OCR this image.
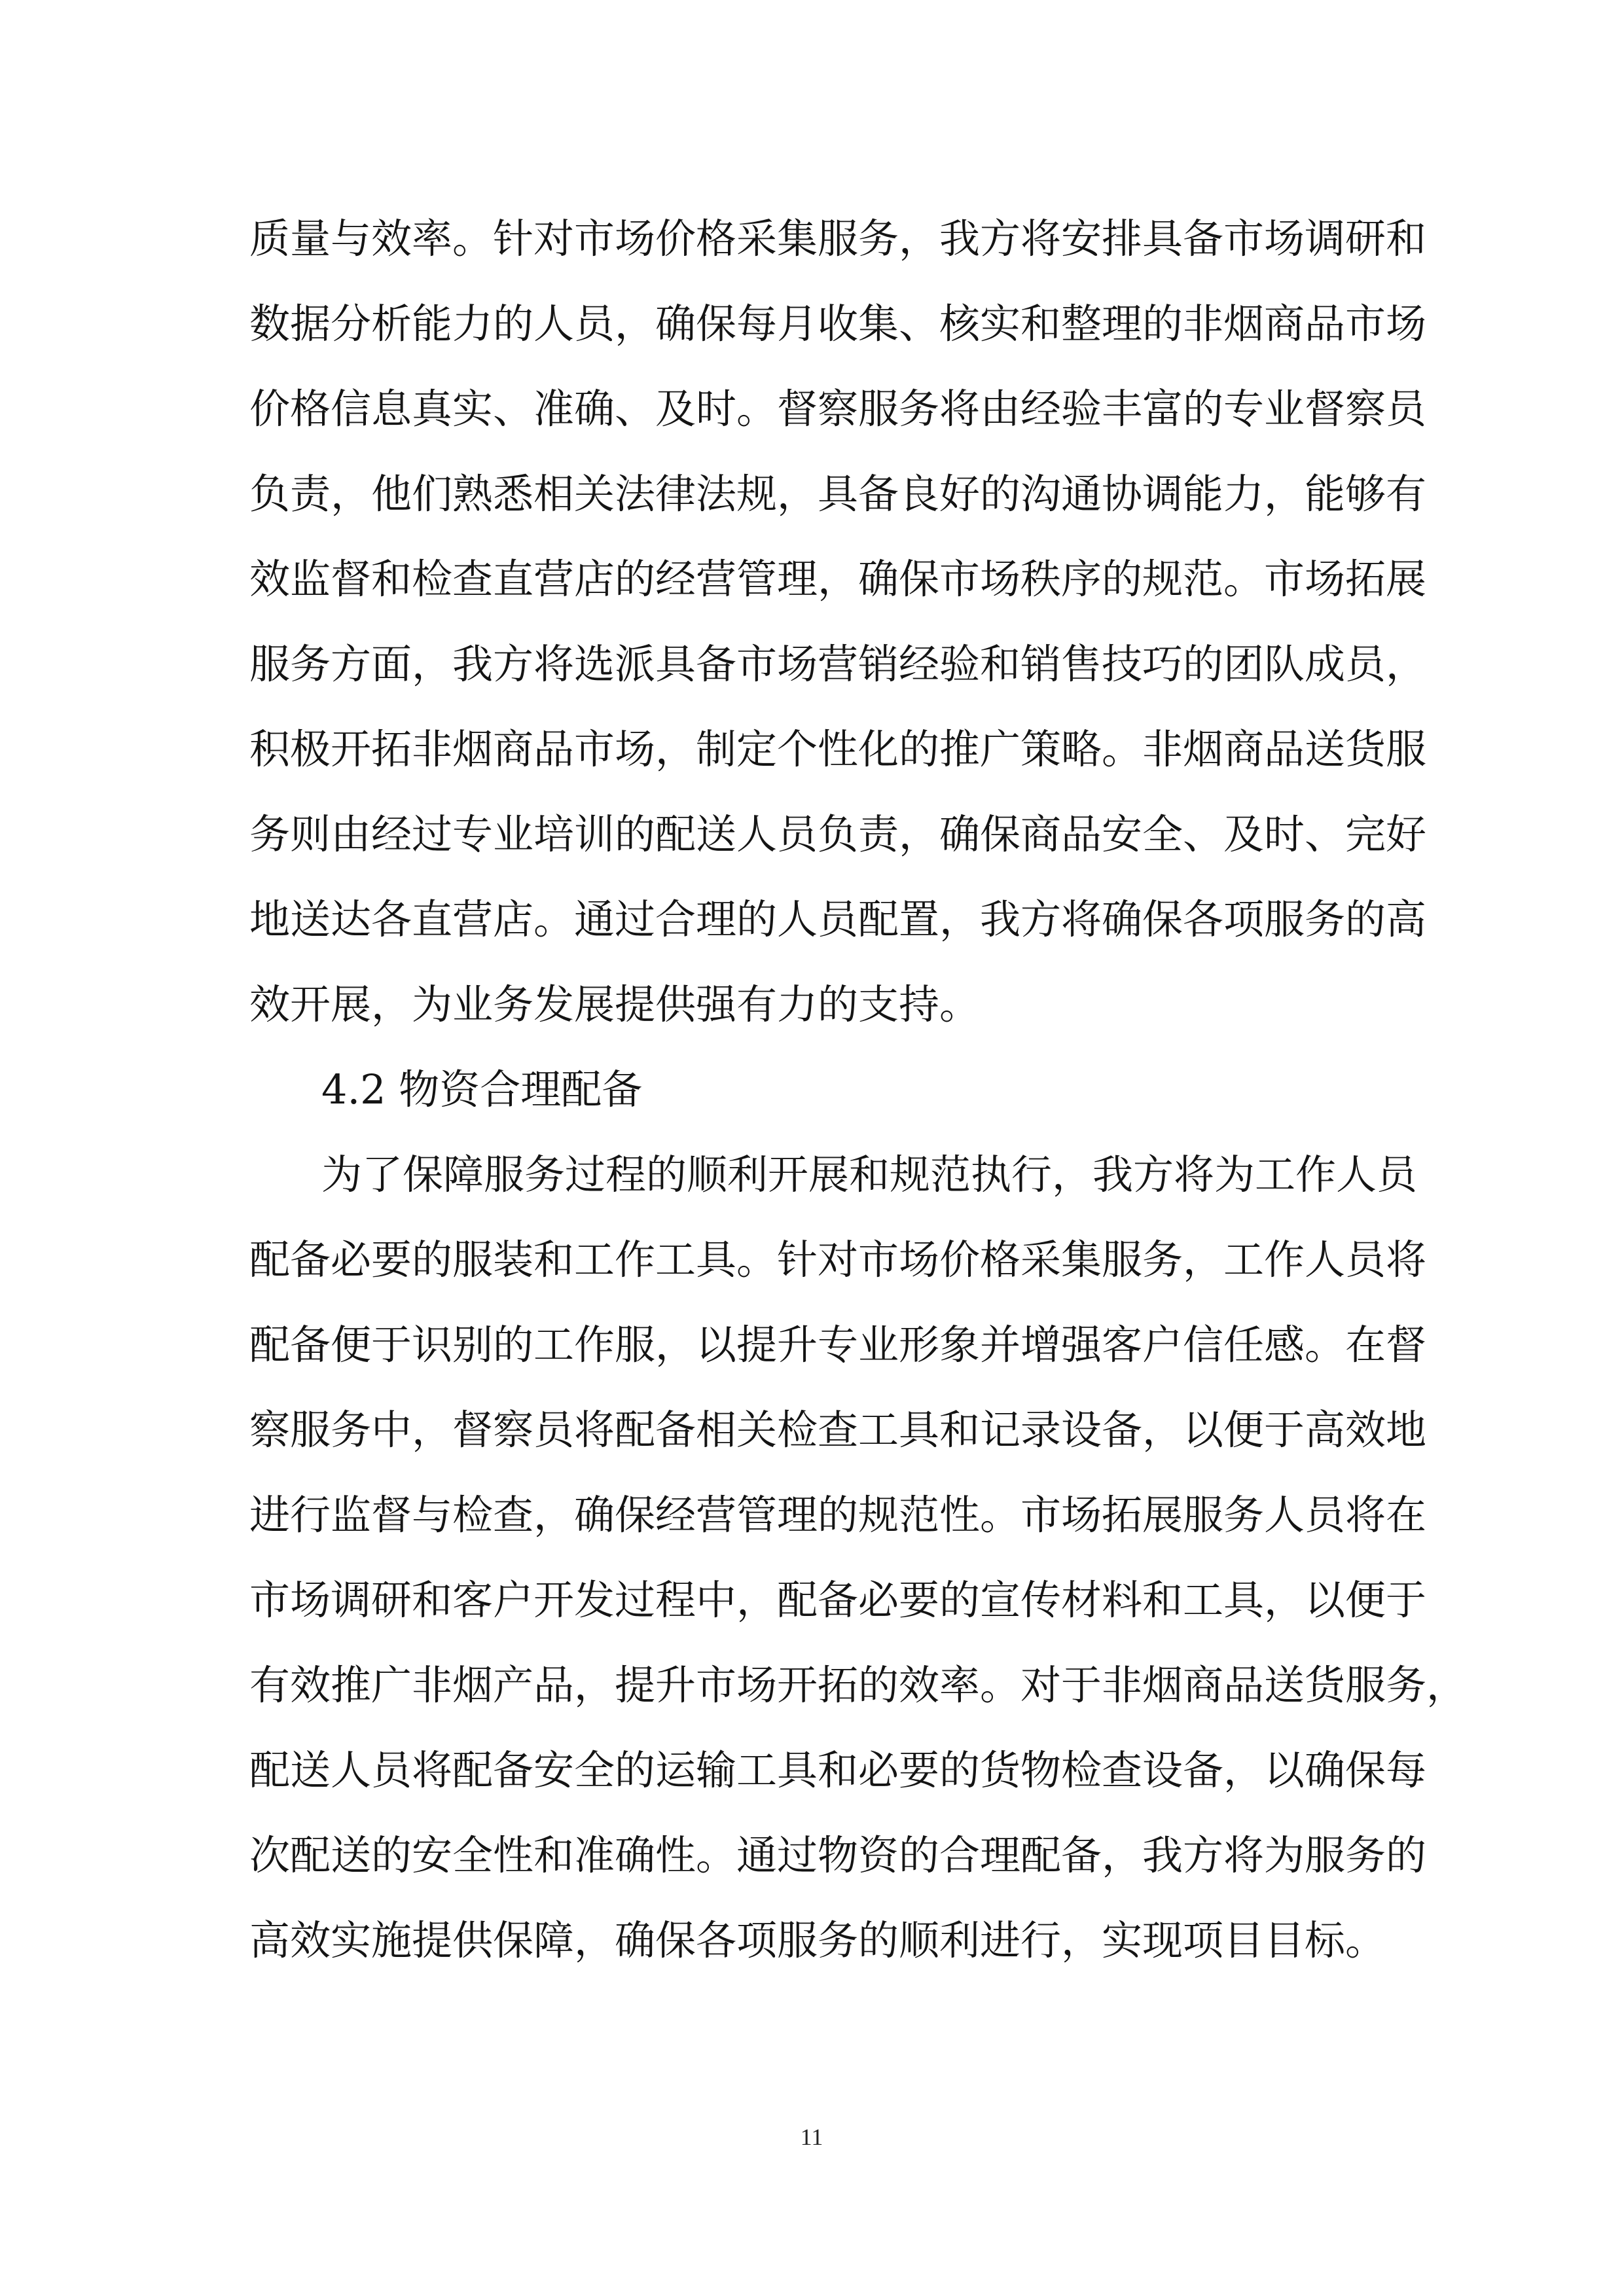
质量与效率。针对市场价格采集服务，我方将安排具备市场调研和

数据分析能力的人员，确保每月收集、核实和整理的非烟商品市场

价格信息真实、准确、及时。督察服务将由经验丰富的专业督察员

负责，他们熟悉相关法律法规，具备良好的沟通协调能力，能够有

效监督和检查直营店的经营管理，确保市场秩序的规范。市场拓展

服务方面，我方将选派具备市场营销经验和销售技巧的团队成员，

积极开拓非烟商品市场，制定个性化的推广策略。非烟商品送货服

务则由经过专业培训的配送人员负责，确保商品安全、及时、完好

地送达各直营店。通过合理的人员配置，我方将确保各项服务的高

效开展，为业务发展提供强有力的支持。

4.2 物资合理配备

为了保障服务过程的顺利开展和规范执行，我方将为工作人员

配备必要的服装和工作工具。针对市场价格采集服务，工作人员将

配备便于识别的工作服，以提升专业形象并增强客户信任感。在督

察服务中，督察员将配备相关检查工具和记录设备，以便于高效地

进行监督与检查，确保经营管理的规范性。市场拓展服务人员将在

市场调研和客户开发过程中，配备必要的宣传材料和工具，以便于

有效推广非烟产品，提升市场开拓的效率。对于非烟商品送货服务，

配送人员将配备安全的运输工具和必要的货物检查设备，以确保每

次配送的安全性和准确性。通过物资的合理配备，我方将为服务的

高效实施提供保障，确保各项服务的顺利进行，实现项目目标。

11
